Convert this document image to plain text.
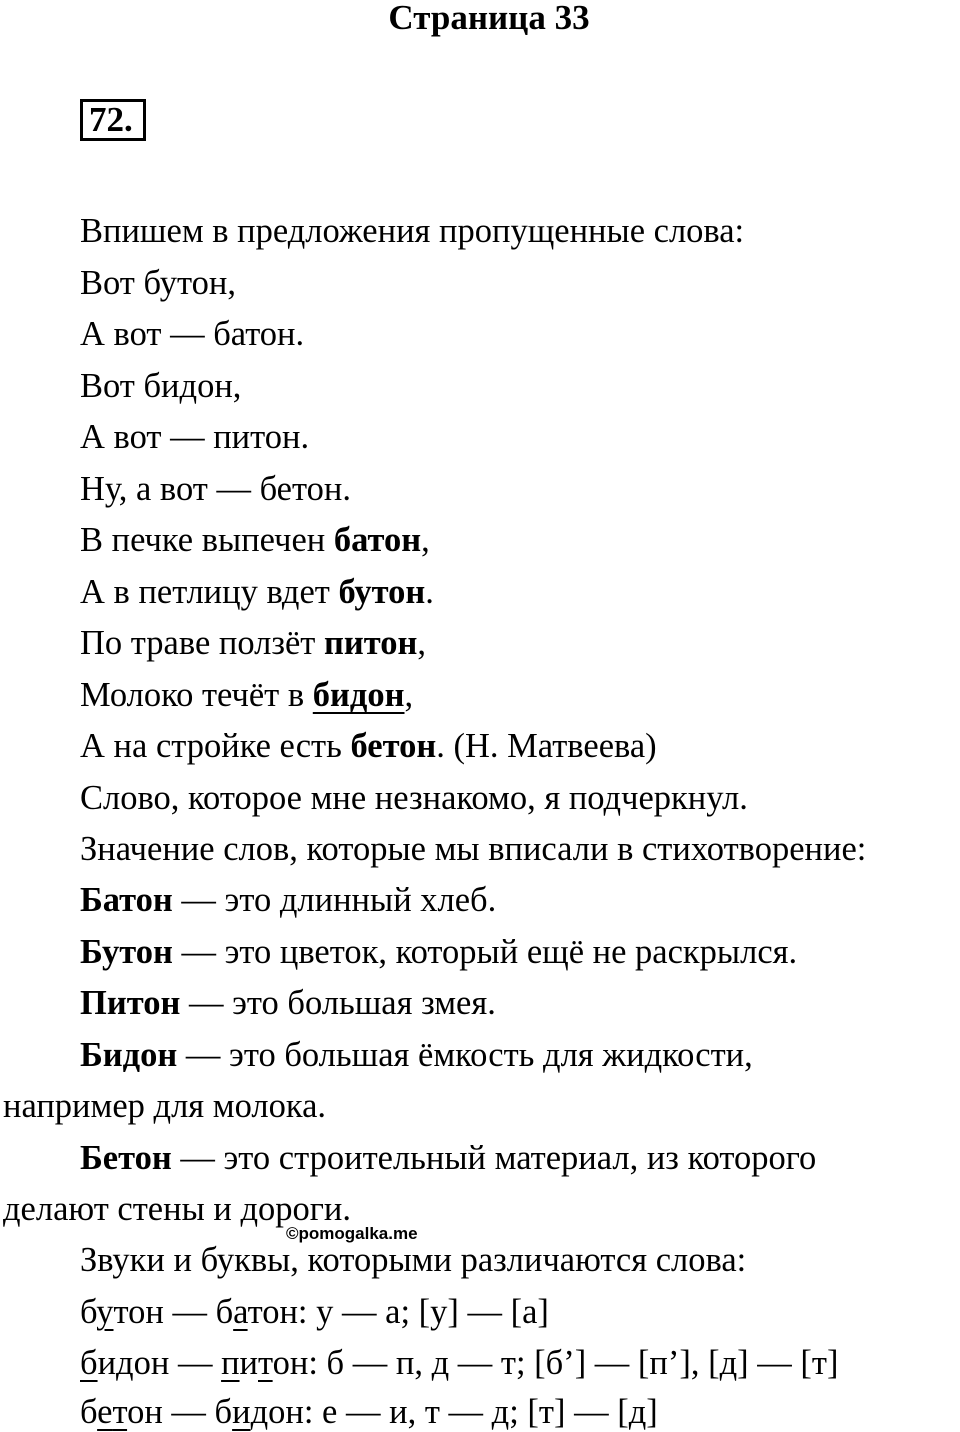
Страница 33
72.
Впишем в предложения пропущенные слова:
Вот бутон,
А вот — батон.
Вот бидон,
А вот — питон.
Ну, а вот — бетон.
В печке выпечен батон,
А в петлицу вдет бутон.
По траве ползёт питон,
Молоко течёт в бидон,
А на стройке есть бетон. (Н. Матвеева)
Слово, которое мне незнакомо, я подчеркнул.
Значение слов, которые мы вписали в стихотворение:
Батон — это длинный хлеб.
Бутон — это цветок, который ещё не раскрылся.
Питон — это большая змея.
Бидон — это большая ёмкость для жидкости,
например для молока.
Бетон — это строительный материал, из которого
делают стены и дороги.
©pomogalka.me
Звуки и буквы, которыми различаются слова:
бутон — батон: у — а; [у] — [а]
бидон — питон: б — п, д — т; [б’] — [п’], [д] — [т]
бетон — бидон: е — и, т — д; [т] — [д]
